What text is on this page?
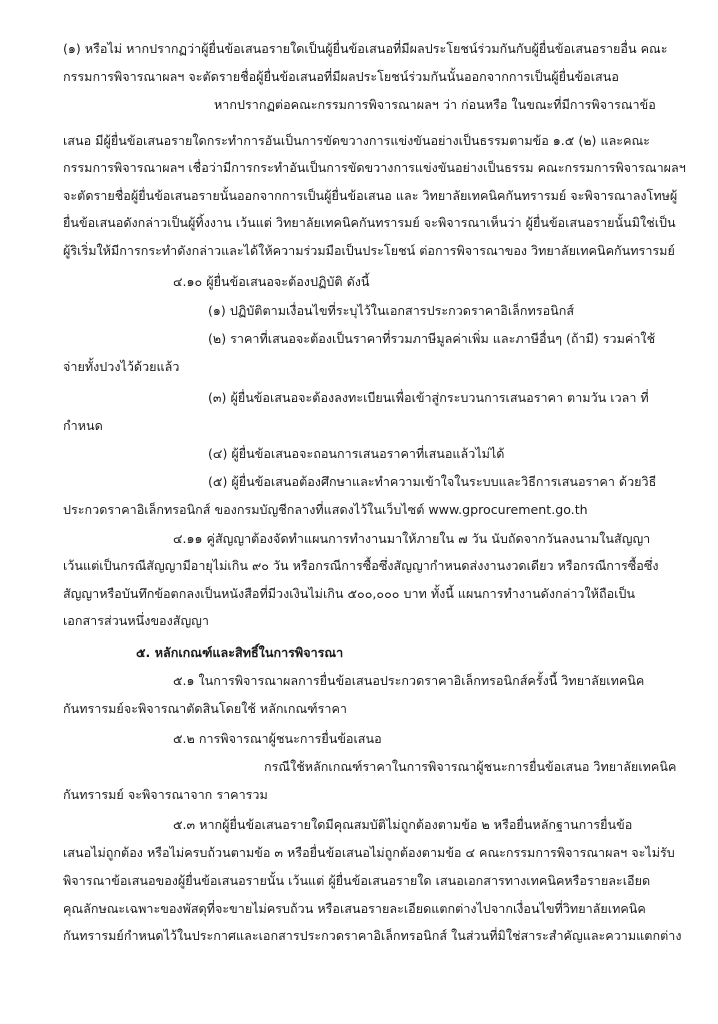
(๑) หรือไม่ หากปรากฏว่าผู้ยื่นข้อเสนอรายใดเป็นผู้ยื่นข้อเสนอที่มีผลประโยชน์ร่วมกันกับผู้ยื่นข้อเสนอรายอื่น คณะ
กรรมการพิจารณาผลฯ จะตัดรายชื่อผู้ยื่นข้อเสนอที่มีผลประโยชน์ร่วมกันนั้นออกจากการเป็นผู้ยื่นข้อเสนอ
หากปรากฏต่อคณะกรรมการพิจารณาผลฯ ว่า ก่อนหรือ ในขณะที่มีการพิจารณาข้อ
เสนอ มีผู้ยื่นข้อเสนอรายใดกระทำการอันเป็นการขัดขวางการแข่งขันอย่างเป็นธรรมตามข้อ ๑.๕ (๒) และคณะ
กรรมการพิจารณาผลฯ เชื่อว่ามีการกระทำอันเป็นการขัดขวางการแข่งขันอย่างเป็นธรรม คณะกรรมการพิจารณาผลฯ
จะตัดรายชื่อผู้ยื่นข้อเสนอรายนั้นออกจากการเป็นผู้ยื่นข้อเสนอ และ วิทยาลัยเทคนิคกันทรารมย์ จะพิจารณาลงโทษผู้
ยื่นข้อเสนอดังกล่าวเป็นผู้ทิ้งงาน เว้นแต่ วิทยาลัยเทคนิคกันทรารมย์ จะพิจารณาเห็นว่า ผู้ยื่นข้อเสนอรายนั้นมิใช่เป็น
ผู้ริเริ่มให้มีการกระทำดังกล่าวและได้ให้ความร่วมมือเป็นประโยชน์ ต่อการพิจารณาของ วิทยาลัยเทคนิคกันทรารมย์
๔.๑๐ ผู้ยื่นข้อเสนอจะต้องปฏิบัติ ดังนี้
(๑) ปฏิบัติตามเงื่อนไขที่ระบุไว้ในเอกสารประกวดราคาอิเล็กทรอนิกส์
(๒) ราคาที่เสนอจะต้องเป็นราคาที่รวมภาษีมูลค่าเพิ่ม และภาษีอื่นๆ (ถ้ามี) รวมค่าใช้
จ่ายทั้งปวงไว้ด้วยแล้ว
(๓) ผู้ยื่นข้อเสนอจะต้องลงทะเบียนเพื่อเข้าสู่กระบวนการเสนอราคา ตามวัน เวลา ที่
กำหนด
(๔) ผู้ยื่นข้อเสนอจะถอนการเสนอราคาที่เสนอแล้วไม่ได้
(๕) ผู้ยื่นข้อเสนอต้องศึกษาและทำความเข้าใจในระบบและวิธีการเสนอราคา ด้วยวิธี
ประกวดราคาอิเล็กทรอนิกส์ ของกรมบัญชีกลางที่แสดงไว้ในเว็บไซต์ www.gprocurement.go.th
๔.๑๑ คู่สัญญาต้องจัดทำแผนการทำงานมาให้ภายใน ๗ วัน นับถัดจากวันลงนามในสัญญา
เว้นแต่เป็นกรณีสัญญามีอายุไม่เกิน ๙๐ วัน หรือกรณีการซื้อซึ่งสัญญากำหนดส่งงานงวดเดียว หรือกรณีการซื้อซึ่ง
สัญญาหรือบันทึกข้อตกลงเป็นหนังสือที่มีวงเงินไม่เกิน ๕๐๐,๐๐๐ บาท ทั้งนี้ แผนการทำงานดังกล่าวให้ถือเป็น
เอกสารส่วนหนึ่งของสัญญา
๕. หลักเกณฑ์และสิทธิ์ในการพิจารณา
๕.๑ ในการพิจารณาผลการยื่นข้อเสนอประกวดราคาอิเล็กทรอนิกส์ครั้งนี้ วิทยาลัยเทคนิค
กันทรารมย์จะพิจารณาตัดสินโดยใช้ หลักเกณฑ์ราคา
๕.๒ การพิจารณาผู้ชนะการยื่นข้อเสนอ
กรณีใช้หลักเกณฑ์ราคาในการพิจารณาผู้ชนะการยื่นข้อเสนอ วิทยาลัยเทคนิค
กันทรารมย์ จะพิจารณาจาก ราคารวม
๕.๓ หากผู้ยื่นข้อเสนอรายใดมีคุณสมบัติไม่ถูกต้องตามข้อ ๒ หรือยื่นหลักฐานการยื่นข้อ
เสนอไม่ถูกต้อง หรือไม่ครบถ้วนตามข้อ ๓ หรือยื่นข้อเสนอไม่ถูกต้องตามข้อ ๔ คณะกรรมการพิจารณาผลฯ จะไม่รับ
พิจารณาข้อเสนอของผู้ยื่นข้อเสนอรายนั้น เว้นแต่ ผู้ยื่นข้อเสนอรายใด เสนอเอกสารทางเทคนิคหรือรายละเอียด
คุณลักษณะเฉพาะของพัสดุที่จะขายไม่ครบถ้วน หรือเสนอรายละเอียดแตกต่างไปจากเงื่อนไขที่วิทยาลัยเทคนิค
กันทรารมย์กำหนดไว้ในประกาศและเอกสารประกวดราคาอิเล็กทรอนิกส์ ในส่วนที่มิใช่สาระสำคัญและความแตกต่าง
